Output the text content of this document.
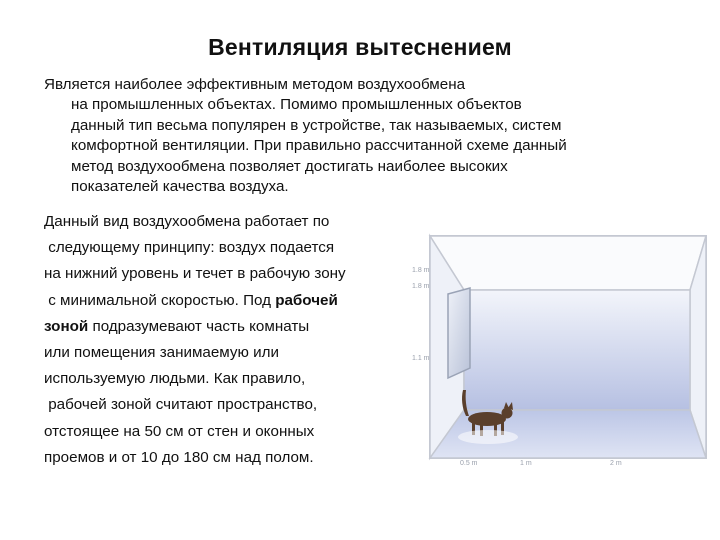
Вентиляция вытеснением
Является наиболее эффективным методом воздухообмена
на промышленных объектах. Помимо промышленных объектов
данный тип весьма популярен в устройстве, так называемых, систем
комфортной вентиляции. При правильно рассчитанной схеме данный
метод воздухообмена позволяет достигать наиболее высоких
показателей качества воздуха.
Данный вид воздухообмена работает по
следующему принципу: воздух подается
на нижний уровень и течет в рабочую зону
с минимальной скоростью. Под рабочей
зоной подразумевают часть комнаты
или помещения занимаемую или
используемую людьми. Как правило,
рабочей зоной считают пространство,
отстоящее на 50 см от стен и оконных
проемов и от 10 до 180 см над полом.
1.8 m
1.8 m
1.1 m
0.5 m	1 m	2 m
